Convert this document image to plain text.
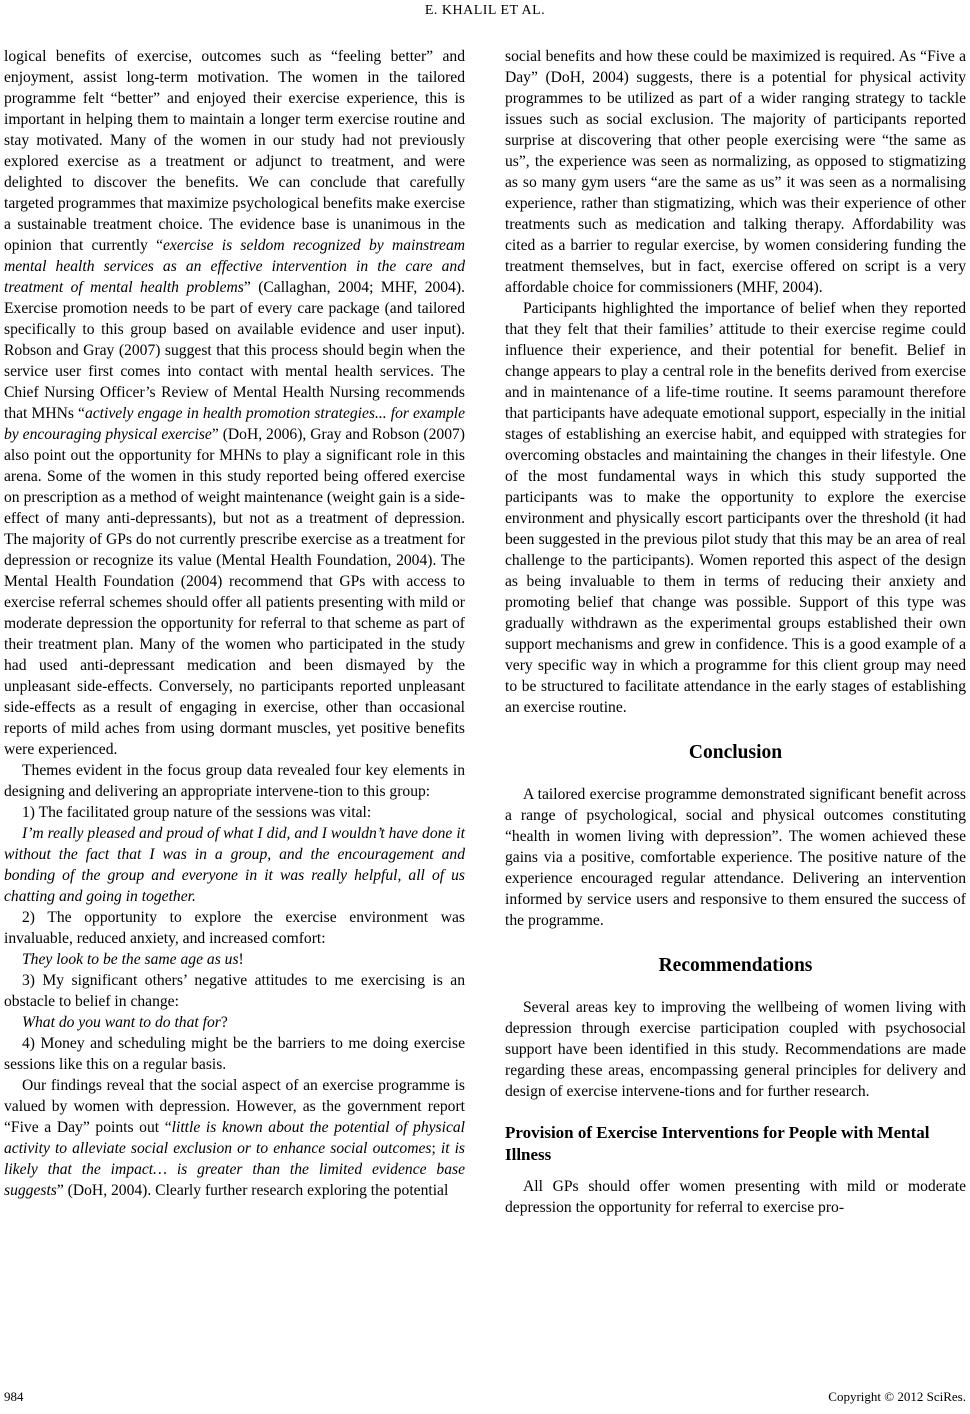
E. KHALIL ET AL.

logical benefits of exercise, outcomes such as “feeling better” and enjoyment, assist long-term motivation. The women in the tailored programme felt “better” and enjoyed their exercise experience, this is important in helping them to maintain a longer term exercise routine and stay motivated. Many of the women in our study had not previously explored exercise as a treatment or adjunct to treatment, and were delighted to discover the benefits. We can conclude that carefully targeted programmes that maximize psychological benefits make exercise a sustainable treatment choice. The evidence base is unanimous in the opinion that currently “exercise is seldom recognized by mainstream mental health services as an effective intervention in the care and treatment of mental health problems” (Callaghan, 2004; MHF, 2004). Exercise promotion needs to be part of every care package (and tailored specifically to this group based on available evidence and user input). Robson and Gray (2007) suggest that this process should begin when the service user first comes into contact with mental health services. The Chief Nursing Officer’s Review of Mental Health Nursing recommends that MHNs “actively engage in health promotion strategies... for example by encouraging physical exercise” (DoH, 2006), Gray and Robson (2007) also point out the opportunity for MHNs to play a significant role in this arena. Some of the women in this study reported being offered exercise on prescription as a method of weight maintenance (weight gain is a side-effect of many anti-depressants), but not as a treatment of depression. The majority of GPs do not currently prescribe exercise as a treatment for depression or recognize its value (Mental Health Foundation, 2004). The Mental Health Foundation (2004) recommend that GPs with access to exercise referral schemes should offer all patients presenting with mild or moderate depression the opportunity for referral to that scheme as part of their treatment plan. Many of the women who participated in the study had used anti-depressant medication and been dismayed by the unpleasant side-effects. Conversely, no participants reported unpleasant side-effects as a result of engaging in exercise, other than occasional reports of mild aches from using dormant muscles, yet positive benefits were experienced.

Themes evident in the focus group data revealed four key elements in designing and delivering an appropriate intervene-tion to this group:

1) The facilitated group nature of the sessions was vital:

I’m really pleased and proud of what I did, and I wouldn’t have done it without the fact that I was in a group, and the encouragement and bonding of the group and everyone in it was really helpful, all of us chatting and going in together.

2) The opportunity to explore the exercise environment was invaluable, reduced anxiety, and increased comfort:

They look to be the same age as us!

3) My significant others’ negative attitudes to me exercising is an obstacle to belief in change:

What do you want to do that for?

4) Money and scheduling might be the barriers to me doing exercise sessions like this on a regular basis.

Our findings reveal that the social aspect of an exercise programme is valued by women with depression. However, as the government report “Five a Day” points out “little is known about the potential of physical activity to alleviate social exclusion or to enhance social outcomes; it is likely that the impact… is greater than the limited evidence base suggests” (DoH, 2004). Clearly further research exploring the potential

social benefits and how these could be maximized is required. As “Five a Day” (DoH, 2004) suggests, there is a potential for physical activity programmes to be utilized as part of a wider ranging strategy to tackle issues such as social exclusion. The majority of participants reported surprise at discovering that other people exercising were “the same as us”, the experience was seen as normalizing, as opposed to stigmatizing as so many gym users “are the same as us” it was seen as a normalising experience, rather than stigmatizing, which was their experience of other treatments such as medication and talking therapy. Affordability was cited as a barrier to regular exercise, by women considering funding the treatment themselves, but in fact, exercise offered on script is a very affordable choice for commissioners (MHF, 2004).

Participants highlighted the importance of belief when they reported that they felt that their families’ attitude to their exercise regime could influence their experience, and their potential for benefit. Belief in change appears to play a central role in the benefits derived from exercise and in maintenance of a life-time routine. It seems paramount therefore that participants have adequate emotional support, especially in the initial stages of establishing an exercise habit, and equipped with strategies for overcoming obstacles and maintaining the changes in their lifestyle. One of the most fundamental ways in which this study supported the participants was to make the opportunity to explore the exercise environment and physically escort participants over the threshold (it had been suggested in the previous pilot study that this may be an area of real challenge to the participants). Women reported this aspect of the design as being invaluable to them in terms of reducing their anxiety and promoting belief that change was possible. Support of this type was gradually withdrawn as the experimental groups established their own support mechanisms and grew in confidence. This is a good example of a very specific way in which a programme for this client group may need to be structured to facilitate attendance in the early stages of establishing an exercise routine.

Conclusion

A tailored exercise programme demonstrated significant benefit across a range of psychological, social and physical outcomes constituting “health in women living with depression”. The women achieved these gains via a positive, comfortable experience. The positive nature of the experience encouraged regular attendance. Delivering an intervention informed by service users and responsive to them ensured the success of the programme.

Recommendations

Several areas key to improving the wellbeing of women living with depression through exercise participation coupled with psychosocial support have been identified in this study. Recommendations are made regarding these areas, encompassing general principles for delivery and design of exercise intervene-tions and for further research.

Provision of Exercise Interventions for People with Mental Illness

All GPs should offer women presenting with mild or moderate depression the opportunity for referral to exercise pro-

984	Copyright © 2012 SciRes.
